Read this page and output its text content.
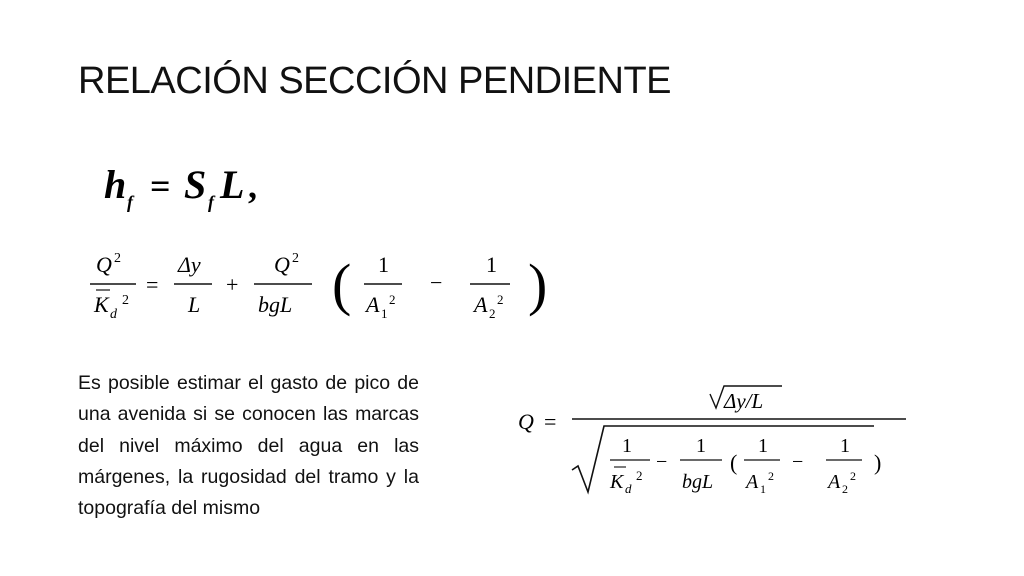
RELACIÓN SECCIÓN PENDIENTE
h f = S f L ,
Q 2
K d
2
=
Δy
L
+
Q 2
bgL ( 1
A 1
2
−
1
A 2
2 )
Es posible estimar el gasto de pico de una avenida si se conocen las marcas del nivel máximo del agua en las márgenes, la rugosidad del tramo y la topografía del mismo
Q =
Δy/L
1
K d
2
−
1
bgL
(
1
A 1
2
−
1
A 2
2
)
